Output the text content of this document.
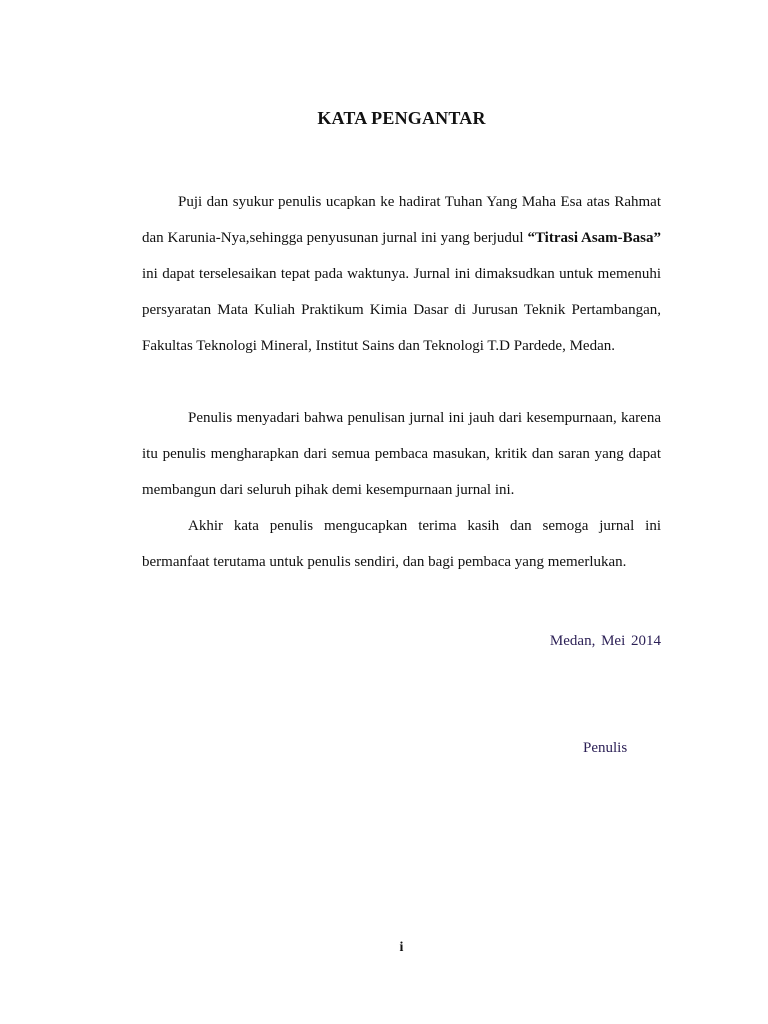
KATA PENGANTAR

Puji dan syukur penulis ucapkan ke hadirat Tuhan Yang Maha Esa atas Rahmat dan Karunia-Nya,sehingga penyusunan jurnal ini yang berjudul “Titrasi Asam-Basa” ini dapat terselesaikan tepat pada waktunya. Jurnal ini dimaksudkan untuk memenuhi persyaratan Mata Kuliah Praktikum Kimia Dasar di Jurusan Teknik Pertambangan, Fakultas Teknologi Mineral, Institut Sains dan Teknologi T.D Pardede, Medan.

Penulis menyadari bahwa penulisan jurnal ini jauh dari kesempurnaan, karena itu penulis mengharapkan dari semua pembaca masukan, kritik dan saran yang dapat membangun dari seluruh pihak demi kesempurnaan jurnal ini.

Akhir kata penulis mengucapkan terima kasih dan semoga jurnal ini bermanfaat terutama untuk penulis sendiri, dan bagi pembaca yang memerlukan.

Medan, Mei 2014

Penulis

i
